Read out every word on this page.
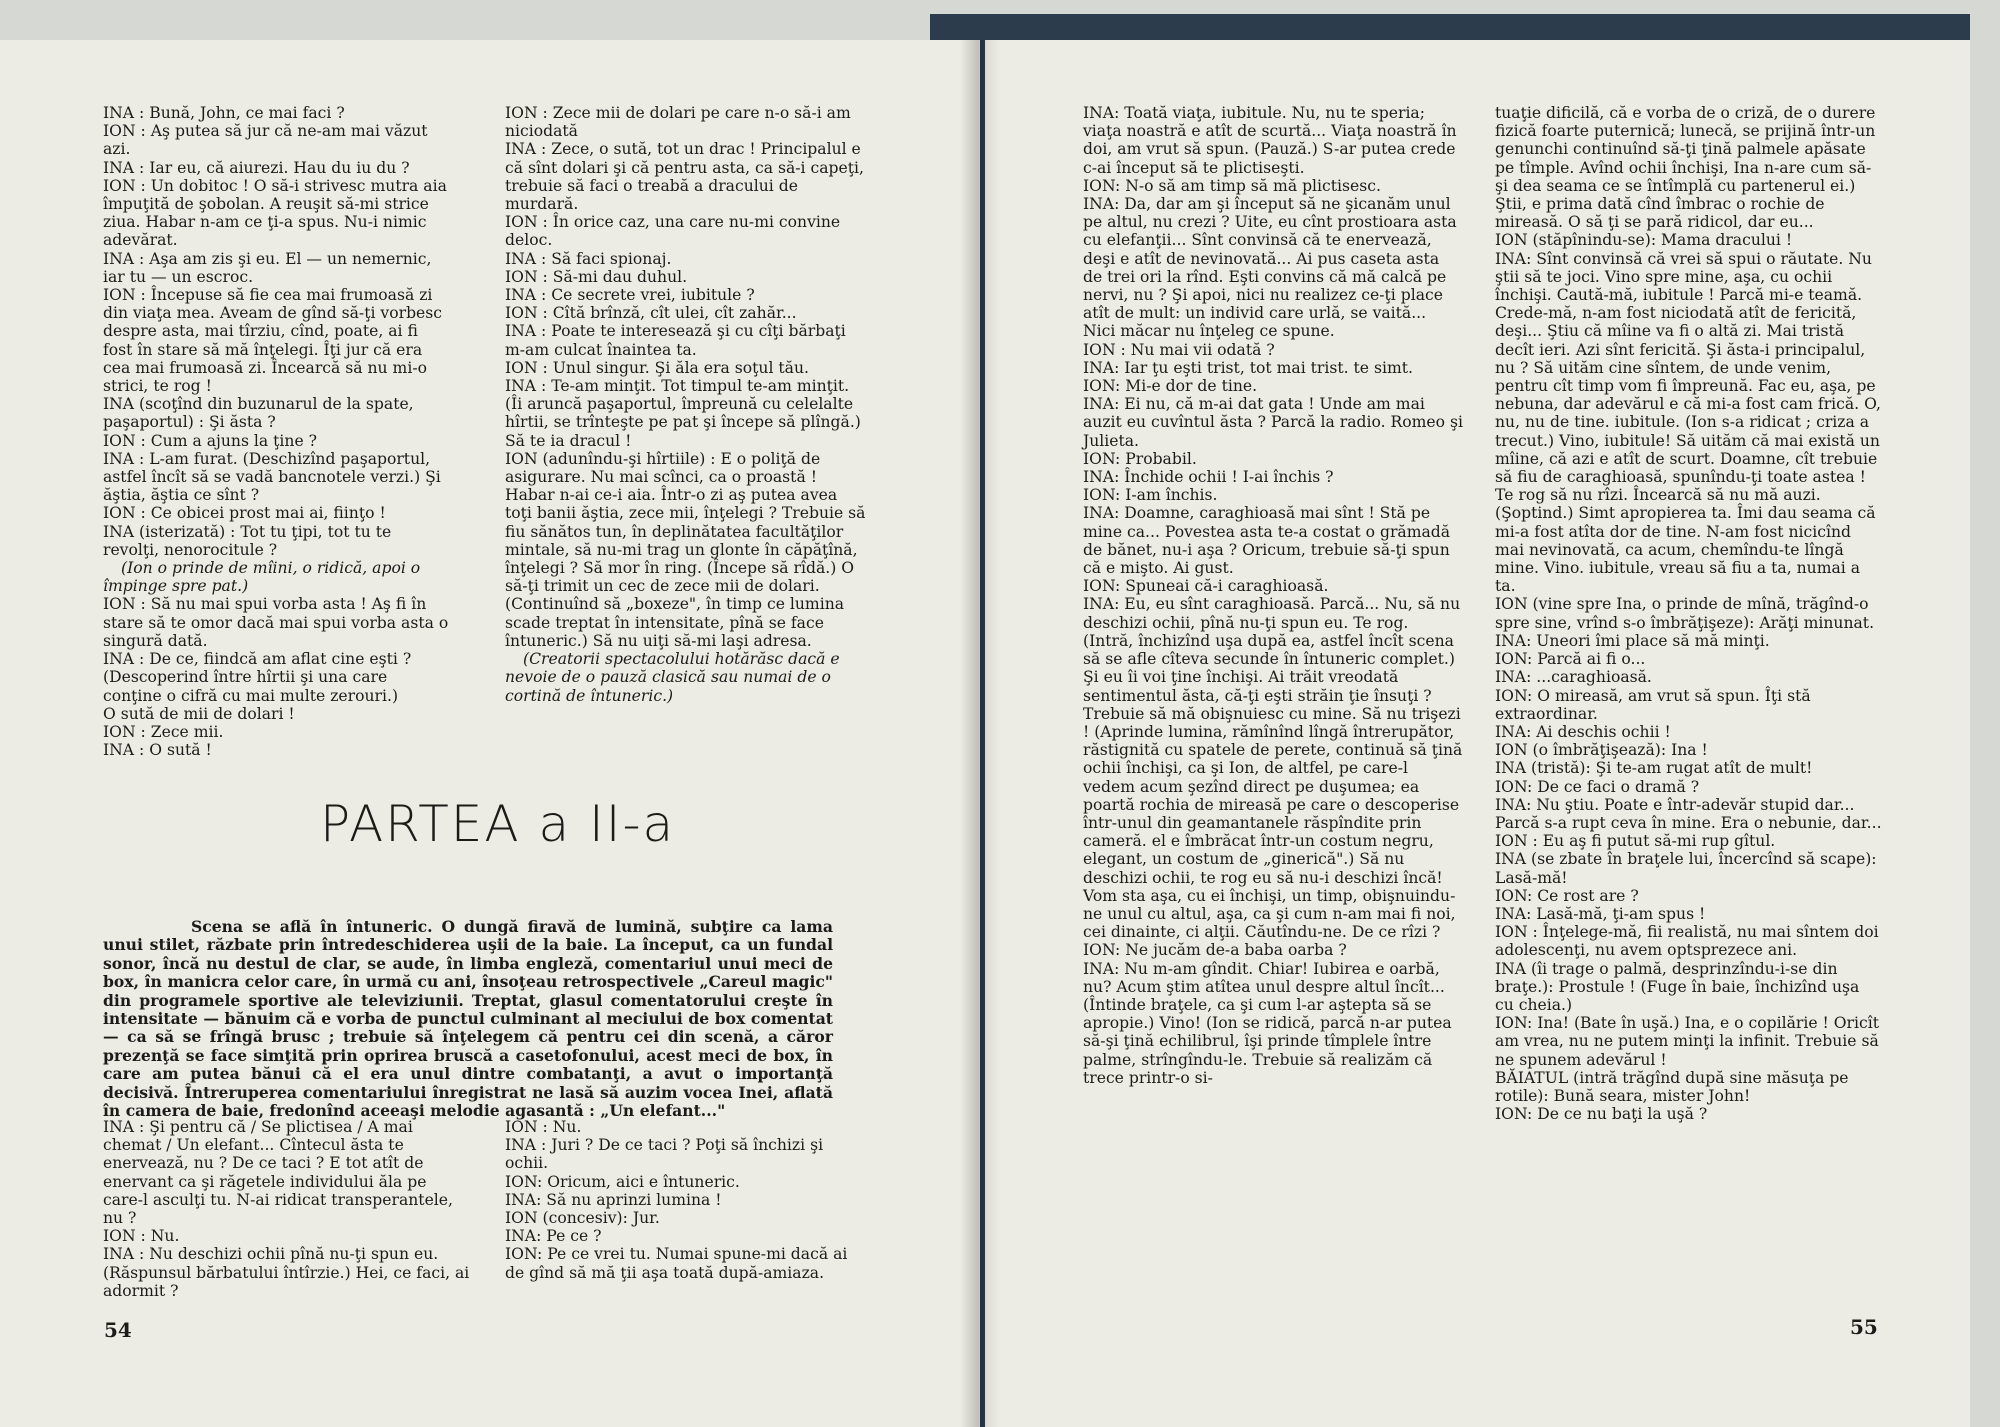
INA : Bună, John, ce mai faci ?

ION : Aş putea să jur că ne-am mai văzut azi.

INA : Iar eu, că aiurezi. Hau du iu du ?

ION : Un dobitoc ! O să-i strivesc mutra aia împuţită de şobolan. A reuşit să-mi strice ziua. Habar n-am ce ţi-a spus. Nu-i nimic adevărat.

INA : Aşa am zis şi eu. El — un nemernic, iar tu — un escroc.

ION : Începuse să fie cea mai frumoasă zi din viaţa mea. Aveam de gînd să-ţi vorbesc despre asta, mai tîrziu, cînd, poate, ai fi fost în stare să mă înţelegi. Îţi jur că era cea mai frumoasă zi. Încearcă să nu mi-o strici, te rog !

INA (scoţînd din buzunarul de la spate, paşaportul) : Şi ăsta ?

ION : Cum a ajuns la ţine ?

INA : L-am furat. (Deschizînd paşaportul, astfel încît să se vadă bancnotele verzi.) Şi ăştia, ăştia ce sînt ?

ION : Ce obicei prost mai ai, fiinţo !

INA (isterizată) : Tot tu ţipi, tot tu te revolţi, nenorocitule ?

(Ion o prinde de mîini, o ridică, apoi o împinge spre pat.)

ION : Să nu mai spui vorba asta ! Aş fi în stare să te omor dacă mai spui vorba asta o singură dată.

INA : De ce, fiindcă am aflat cine eşti ? (Descoperind între hîrtii şi una care conţine o cifră cu mai multe zerouri.)

O sută de mii de dolari !

ION : Zece mii.

INA : O sută !

ION : Zece mii de dolari pe care n-o să-i am niciodată

INA : Zece, o sută, tot un drac ! Principalul e că sînt dolari şi că pentru asta, ca să-i capeţi, trebuie să faci o treabă a dracului de murdară.

ION : În orice caz, una care nu-mi convine deloc.

INA : Să faci spionaj.

ION : Să-mi dau duhul.

INA : Ce secrete vrei, iubitule ?

ION : Cîtă brînză, cît ulei, cît zahăr...

INA : Poate te interesează şi cu cîţi bărbaţi m-am culcat înaintea ta.

ION : Unul singur. Şi ăla era soţul tău.

INA : Te-am minţit. Tot timpul te-am minţit. (Îi aruncă paşaportul, împreună cu celelalte hîrtii, se trînteşte pe pat şi începe să plîngă.) Să te ia dracul !

ION (adunîndu-şi hîrtiile) : E o poliţă de asigurare. Nu mai scînci, ca o proastă ! Habar n-ai ce-i aia. Într-o zi aş putea avea toţi banii ăştia, zece mii, înţelegi ? Trebuie să fiu sănătos tun, în deplinătatea facultăţilor mintale, să nu-mi trag un glonte în căpăţînă, înţelegi ? Să mor în ring. (Începe să rîdă.) O să-ţi trimit un cec de zece mii de dolari. (Continuînd să „boxeze", în timp ce lumina scade treptat în intensitate, pînă se face întuneric.) Să nu uiţi să-mi laşi adresa.

(Creatorii spectacolului hotărăsc dacă e nevoie de o pauză clasică sau numai de o cortină de întuneric.)

PARTEA a II-a

Scena se află în întuneric. O dungă firavă de lumină, subţire ca lama unui stilet, răzbate prin întredeschiderea uşii de la baie. La început, ca un fundal sonor, încă nu destul de clar, se aude, în limba engleză, comentariul unui meci de box, în manicra celor care, în urmă cu ani, însoţeau retrospectivele „Careul magic" din programele sportive ale televiziunii. Treptat, glasul comentatorului creşte în intensitate — bănuim că e vorba de punctul culminant al meciului de box comentat — ca să se frîngă brusc ; trebuie să înţelegem că pentru cei din scenă, a căror prezenţă se face simţită prin oprirea bruscă a casetofonului, acest meci de box, în care am putea bănui că el era unul dintre combatanţi, a avut o importanţă decisivă. Întreruperea comentariului înregistrat ne lasă să auzim vocea Inei, aflată în camera de baie, fredonînd aceeaşi melodie agasantă : „Un elefant..."

INA : Şi pentru că / Se plictisea / A mai chemat / Un elefant... Cîntecul ăsta te enervează, nu ? De ce taci ? E tot atît de enervant ca şi răgetele individului ăla pe care-l asculţi tu. N-ai ridicat transperantele, nu ?

ION : Nu.

INA : Nu deschizi ochii pînă nu-ţi spun eu. (Răspunsul bărbatului întîrzie.) Hei, ce faci, ai adormit ?

ION : Nu.

INA : Juri ? De ce taci ? Poţi să închizi şi ochii.

ION: Oricum, aici e întuneric.

INA: Să nu aprinzi lumina !

ION (concesiv): Jur.

INA: Pe ce ?

ION: Pe ce vrei tu. Numai spune-mi dacă ai de gînd să mă ţii aşa toată după-amiaza.

54

INA: Toată viaţa, iubitule. Nu, nu te speria; viaţa noastră e atît de scurtă... Viaţa noastră în doi, am vrut să spun. (Pauză.) S-ar putea crede c-ai început să te plictiseşti.

ION: N-o să am timp să mă plictisesc.

INA: Da, dar am şi început să ne şicanăm unul pe altul, nu crezi ? Uite, eu cînt prostioara asta cu elefanţii... Sînt convinsă că te enervează, deşi e atît de nevinovată... Ai pus caseta asta de trei ori la rînd. Eşti convins că mă calcă pe nervi, nu ? Şi apoi, nici nu realizez ce-ţi place atît de mult: un individ care urlă, se vaită... Nici măcar nu înţeleg ce spune.

ION : Nu mai vii odată ?

INA: Iar ţu eşti trist, tot mai trist. te simt.

ION: Mi-e dor de tine.

INA: Ei nu, că m-ai dat gata ! Unde am mai auzit eu cuvîntul ăsta ? Parcă la radio. Romeo şi Julieta.

ION: Probabil.

INA: Închide ochii ! I-ai închis ?

ION: I-am închis.

INA: Doamne, caraghioasă mai sînt ! Stă pe mine ca... Povestea asta te-a costat o grămadă de bănet, nu-i aşa ? Oricum, trebuie să-ţi spun că e mişto. Ai gust.

ION: Spuneai că-i caraghioasă.

INA: Eu, eu sînt caraghioasă. Parcă... Nu, să nu deschizi ochii, pînă nu-ţi spun eu. Te rog. (Intră, închizînd uşa după ea, astfel încît scena să se afle cîteva secunde în întuneric complet.) Şi eu îi voi ţine închişi. Ai trăit vreodată sentimentul ăsta, că-ţi eşti străin ţie însuţi ? Trebuie să mă obişnuiesc cu mine. Să nu trişezi ! (Aprinde lumina, rămînînd lîngă întrerupător, răstignită cu spatele de perete, continuă să ţină ochii închişi, ca şi Ion, de altfel, pe care-l vedem acum şezînd direct pe duşumea; ea poartă rochia de mireasă pe care o descoperise într-unul din geamantanele răspîndite prin cameră. el e îmbrăcat într-un costum negru, elegant, un costum de „ginerică".) Să nu deschizi ochii, te rog eu să nu-i deschizi încă! Vom sta aşa, cu ei închişi, un timp, obişnuindu-ne unul cu altul, aşa, ca şi cum n-am mai fi noi, cei dinainte, ci alţii. Căutîndu-ne. De ce rîzi ?

ION: Ne jucăm de-a baba oarba ?

INA: Nu m-am gîndit. Chiar! Iubirea e oarbă, nu? Acum ştim atîtea unul despre altul încît... (Întinde braţele, ca şi cum l-ar aştepta să se apropie.) Vino! (Ion se ridică, parcă n-ar putea să-şi ţină echilibrul, îşi prinde tîmplele între palme, strîngîndu-le. Trebuie să realizăm că trece printr-o si-

tuaţie dificilă, că e vorba de o criză, de o durere fizică foarte puternică; lunecă, se prijină într-un genunchi continuînd să-ţi ţină palmele apăsate pe tîmple. Avînd ochii închişi, Ina n-are cum să-şi dea seama ce se întîmplă cu partenerul ei.) Ştii, e prima dată cînd îmbrac o rochie de mireasă. O să ţi se pară ridicol, dar eu...

ION (stăpînindu-se): Mama dracului !

INA: Sînt convinsă că vrei să spui o răutate. Nu ştii să te joci. Vino spre mine, aşa, cu ochii închişi. Caută-mă, iubitule ! Parcă mi-e teamă. Crede-mă, n-am fost niciodată atît de fericită, deşi... Ştiu că mîine va fi o altă zi. Mai tristă decît ieri. Azi sînt fericită. Şi ăsta-i principalul, nu ? Să uităm cine sîntem, de unde venim, pentru cît timp vom fi împreună. Fac eu, aşa, pe nebuna, dar adevărul e că mi-a fost cam frică. O, nu, nu de tine. iubitule. (Ion s-a ridicat ; criza a trecut.) Vino, iubitule! Să uităm că mai există un mîine, că azi e atît de scurt. Doamne, cît trebuie să fiu de caraghioasă, spunîndu-ţi toate astea ! Te rog să nu rîzi. Încearcă să nu mă auzi. (Şoptind.) Simt apropierea ta. Îmi dau seama că mi-a fost atîta dor de tine. N-am fost nicicînd mai nevinovată, ca acum, chemîndu-te lîngă mine. Vino. iubitule, vreau să fiu a ta, numai a ta.

ION (vine spre Ina, o prinde de mînă, trăgînd-o spre sine, vrînd s-o îmbrăţişeze): Arăţi minunat.

INA: Uneori îmi place să mă minţi.

ION: Parcă ai fi o...

INA: ...caraghioasă.

ION: O mireasă, am vrut să spun. Îţi stă extraordinar.

INA: Ai deschis ochii !

ION (o îmbrăţişează): Ina !

INA (tristă): Şi te-am rugat atît de mult!

ION: De ce faci o dramă ?

INA: Nu ştiu. Poate e într-adevăr stupid dar... Parcă s-a rupt ceva în mine. Era o nebunie, dar...

ION : Eu aş fi putut să-mi rup gîtul.

INA (se zbate în braţele lui, încercînd să scape): Lasă-mă!

ION: Ce rost are ?

INA: Lasă-mă, ţi-am spus !

ION : Înţelege-mă, fii realistă, nu mai sîntem doi adolescenţi, nu avem optsprezece ani.

INA (îi trage o palmă, desprinzîndu-i-se din braţe.): Prostule ! (Fuge în baie, închizînd uşa cu cheia.)

ION: Ina! (Bate în uşă.) Ina, e o copilărie ! Oricît am vrea, nu ne putem minţi la infinit. Trebuie să ne spunem adevărul !

BĂIATUL (intră trăgînd după sine măsuţa pe rotile): Bună seara, mister John!

ION: De ce nu baţi la uşă ?

55
